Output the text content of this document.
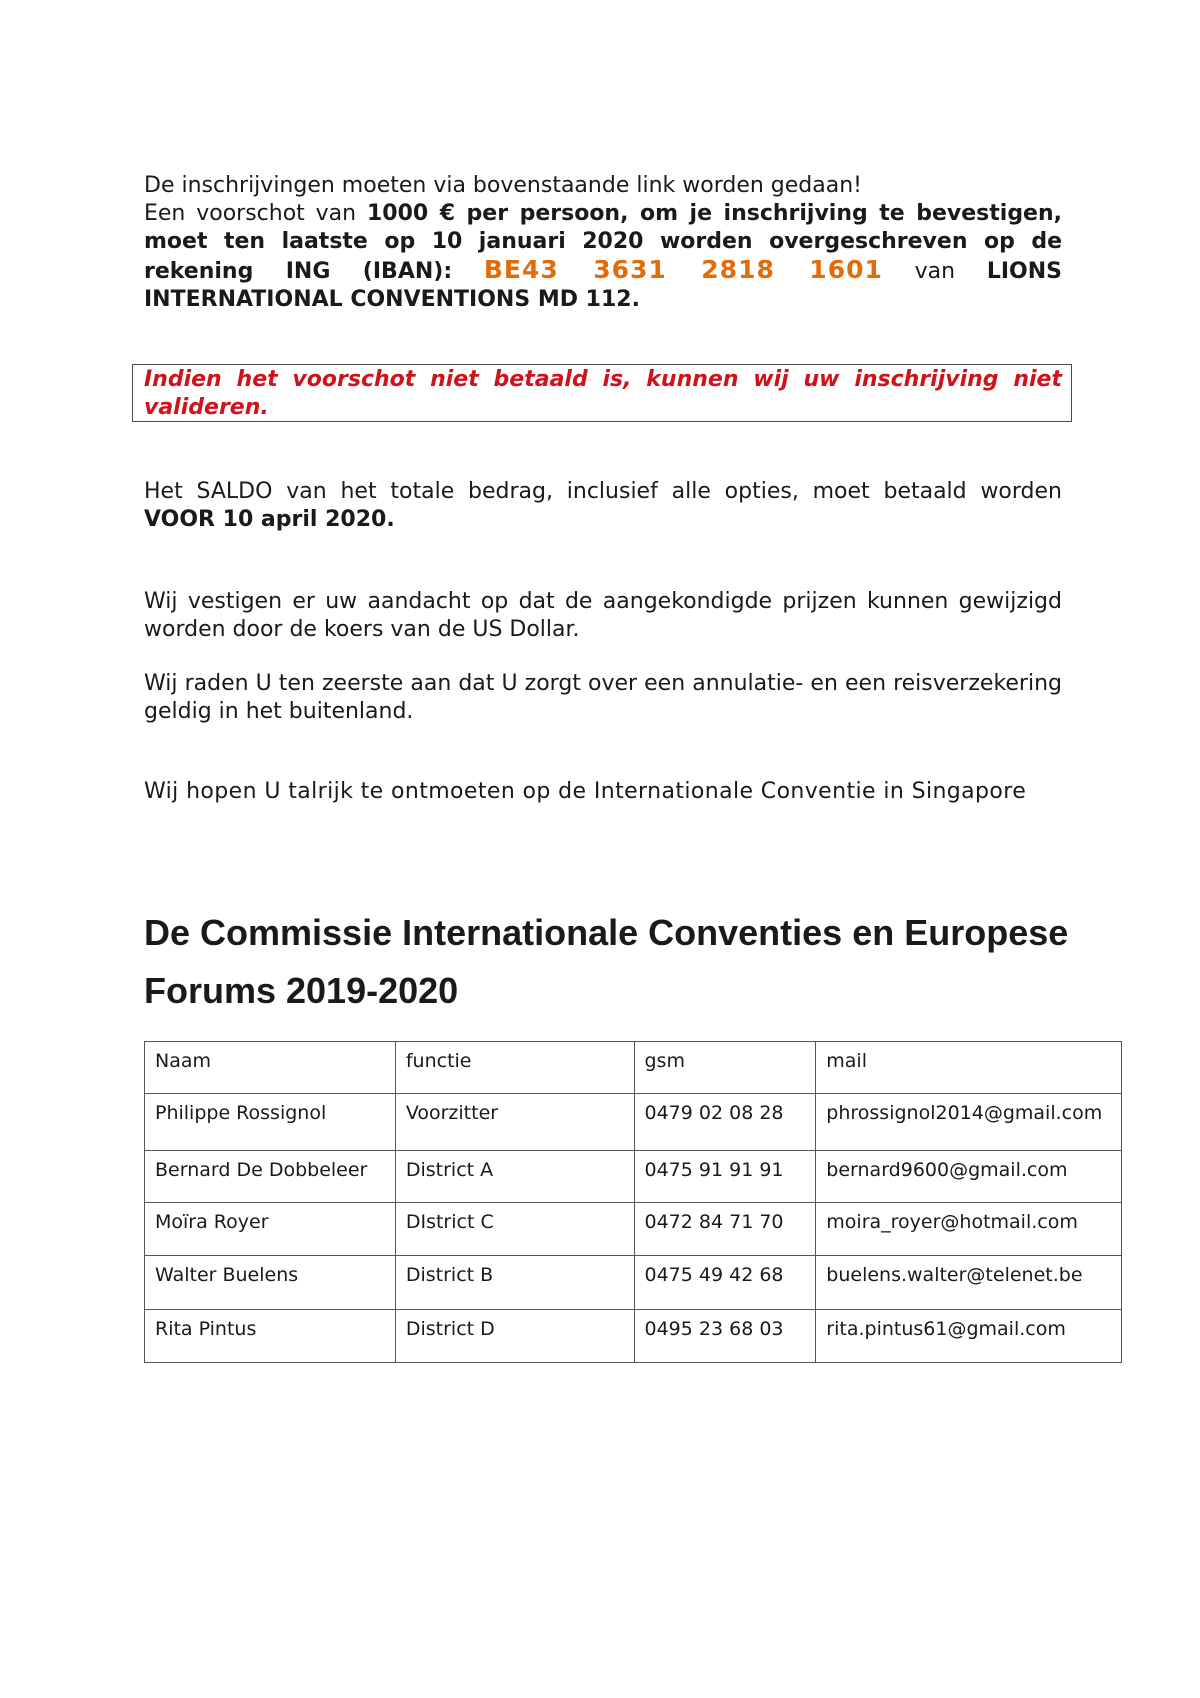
De inschrijvingen moeten via bovenstaande link worden gedaan!
Een voorschot van 1000 € per persoon, om je inschrijving te bevestigen,
moet ten laatste op 10 januari 2020 worden overgeschreven op de
rekening ING (IBAN): BE43 3631 2818 1601 van LIONS
INTERNATIONAL CONVENTIONS MD 112.

Indien het voorschot niet betaald is, kunnen wij uw inschrijving niet valideren.

Het SALDO van het totale bedrag, inclusief alle opties, moet betaald worden VOOR 10 april 2020.

Wij vestigen er uw aandacht op dat de aangekondigde prijzen kunnen gewijzigd worden door de koers van de US Dollar.

Wij raden U ten zeerste aan dat U zorgt over een annulatie- en een reisverzekering geldig in het buitenland.

Wij hopen U talrijk te ontmoeten op de Internationale Conventie in Singapore

De Commissie Internationale Conventies en Europese Forums 2019-2020
Naam	functie	gsm	mail
Philippe Rossignol	Voorzitter	0479 02 08 28	phrossignol2014@gmail.com
Bernard De Dobbeleer	District A	0475 91 91 91	bernard9600@gmail.com
Moïra Royer	DIstrict C	0472 84 71 70	moira_royer@hotmail.com
Walter Buelens	District B	0475 49 42 68	buelens.walter@telenet.be
Rita Pintus	District D	0495 23 68 03	rita.pintus61@gmail.com
